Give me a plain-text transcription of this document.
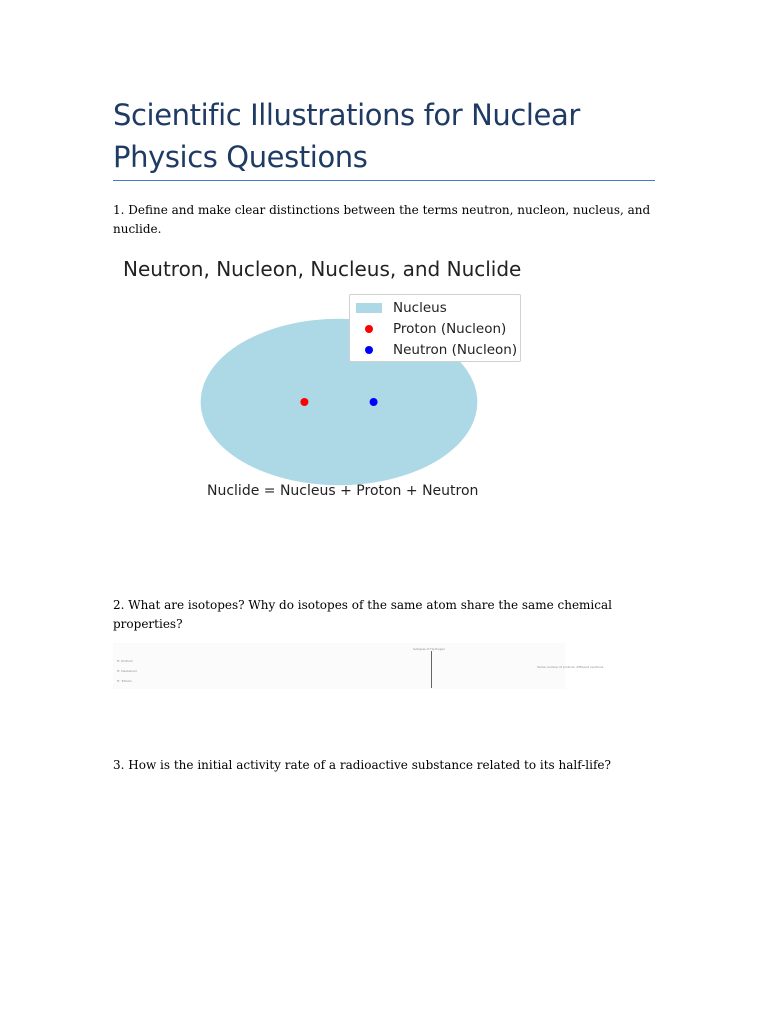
Scientific Illustrations for Nuclear Physics Questions
1. Define and make clear distinctions between the terms neutron, nucleon, nucleus, and nuclide.
Neutron, Nucleon, Nucleus, and Nuclide
Nucleus
Proton (Nucleon)
Neutron (Nucleon)
Nuclide = Nucleus + Proton + Neutron
2. What are isotopes? Why do isotopes of the same atom share the same chemical properties?
Isotopes of Hydrogen
H: Protium
H: Deuterium
H: Tritium
Same number of protons; different neutrons
3. How is the initial activity rate of a radioactive substance related to its half-life?
